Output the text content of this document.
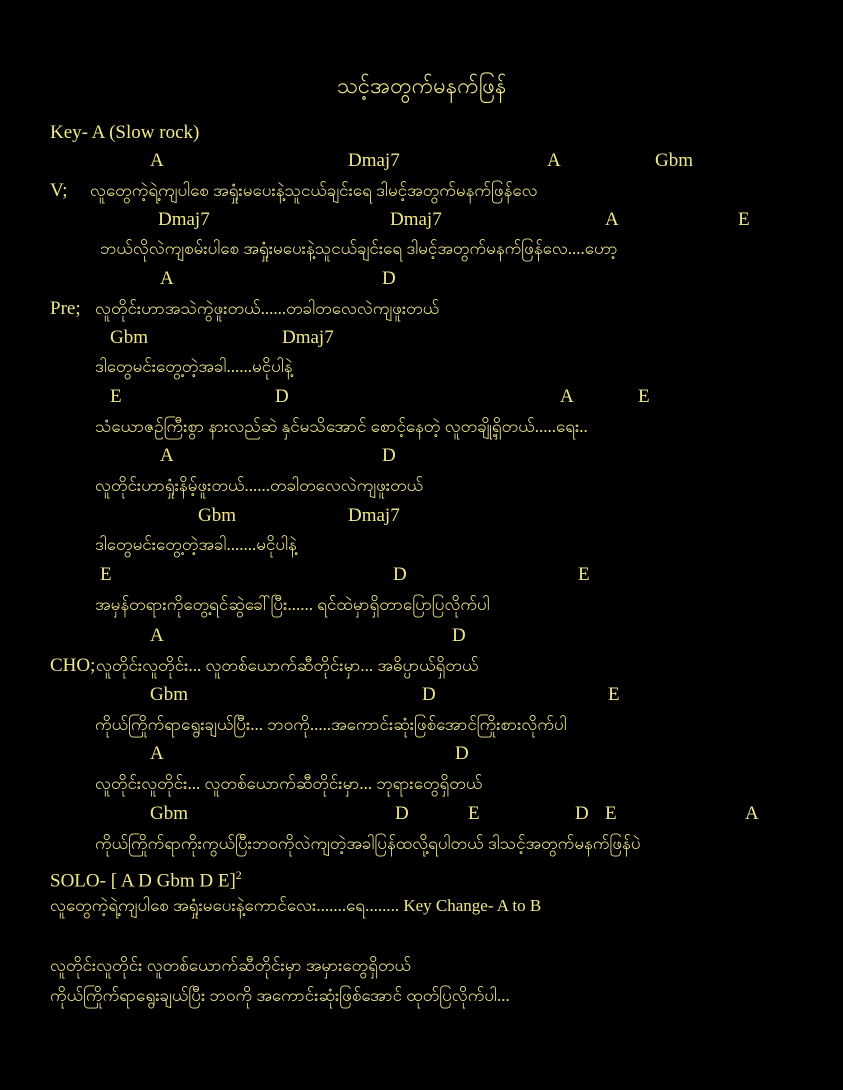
သင့်အတွက်မနက်ဖြန်
Key- A (Slow rock)
A	Dmaj7	A	Gbm
V; လူတွေကဲ့ရဲ့ကျပါစေ အရှုံးမပေးနဲ့သူငယ်ချင်းရေ ဒါမင့်အတွက်မနက်ဖြန်လေ
Dmaj7	Dmaj7	A	E
ဘယ်လိုလဲကျစမ်းပါစေ အရှုံးမပေးနဲ့သူငယ်ချင်းရေ ဒါမင့်အတွက်မနက်ဖြန်လေ....ဟော့
A	D
Pre; လူတိုင်းဟာအသဲကွဲဖူးတယ်......တခါတလေလဲကျဖူးတယ်
Gbm	Dmaj7
ဒါတွေမင်းတွေ့တဲ့အခါ......မငိုပါနဲ့
E	D	A	E
သံယောဇဉ်ကြီးစွာ နားလည်ဆဲ နှင်မသိအောင် စောင့်နေတဲ့ လူတချို့ရှိတယ်.....ရေး..
A	D
လူတိုင်းဟာရှုံးနိမ့်ဖူးတယ်......တခါတလေလဲကျဖူးတယ်
Gbm	Dmaj7
ဒါတွေမင်းတွေ့တဲ့အခါ.......မငိုပါနဲ့
E	D	E
အမှန်တရားကိုတွေ့ရင်ဆွဲခေါ်ပြီး...... ရင်ထဲမှာရှိတာပြောပြလိုက်ပါ
A	D
CHO; လူတိုင်းလူတိုင်း... လူတစ်ယောက်ဆီတိုင်းမှာ... အဓိပ္ပာယ်ရှိတယ်
Gbm	D	E
ကိုယ်ကြိုက်ရာရွေးချယ်ပြီး... ဘဝကို.....အကောင်းဆုံးဖြစ်အောင်ကြိုးစားလိုက်ပါ
A	D
လူတိုင်းလူတိုင်း... လူတစ်ယောက်ဆီတိုင်းမှာ... ဘုရားတွေရှိတယ်
Gbm	D	E	D E	A
ကိုယ်ကြိုက်ရာကိုးကွယ်ပြီးဘဝကိုလဲကျတဲ့အခါပြန်ထလို့ရပါတယ် ဒါသင့်အတွက်မနက်ဖြန်ပဲ
SOLO- [ A D Gbm D E]$^2$
လူတွေကဲ့ရဲ့ကျပါစေ အရှုံးမပေးနဲ့ကောင်လေး.......ရေ........ Key Change- A to B
လူတိုင်းလူတိုင်း လူတစ်ယောက်ဆီတိုင်းမှာ အမှားတွေရှိတယ်
ကိုယ်ကြိုက်ရာရွေးချယ်ပြီး ဘဝကို အကောင်းဆုံးဖြစ်အောင် ထုတ်ပြလိုက်ပါ...
